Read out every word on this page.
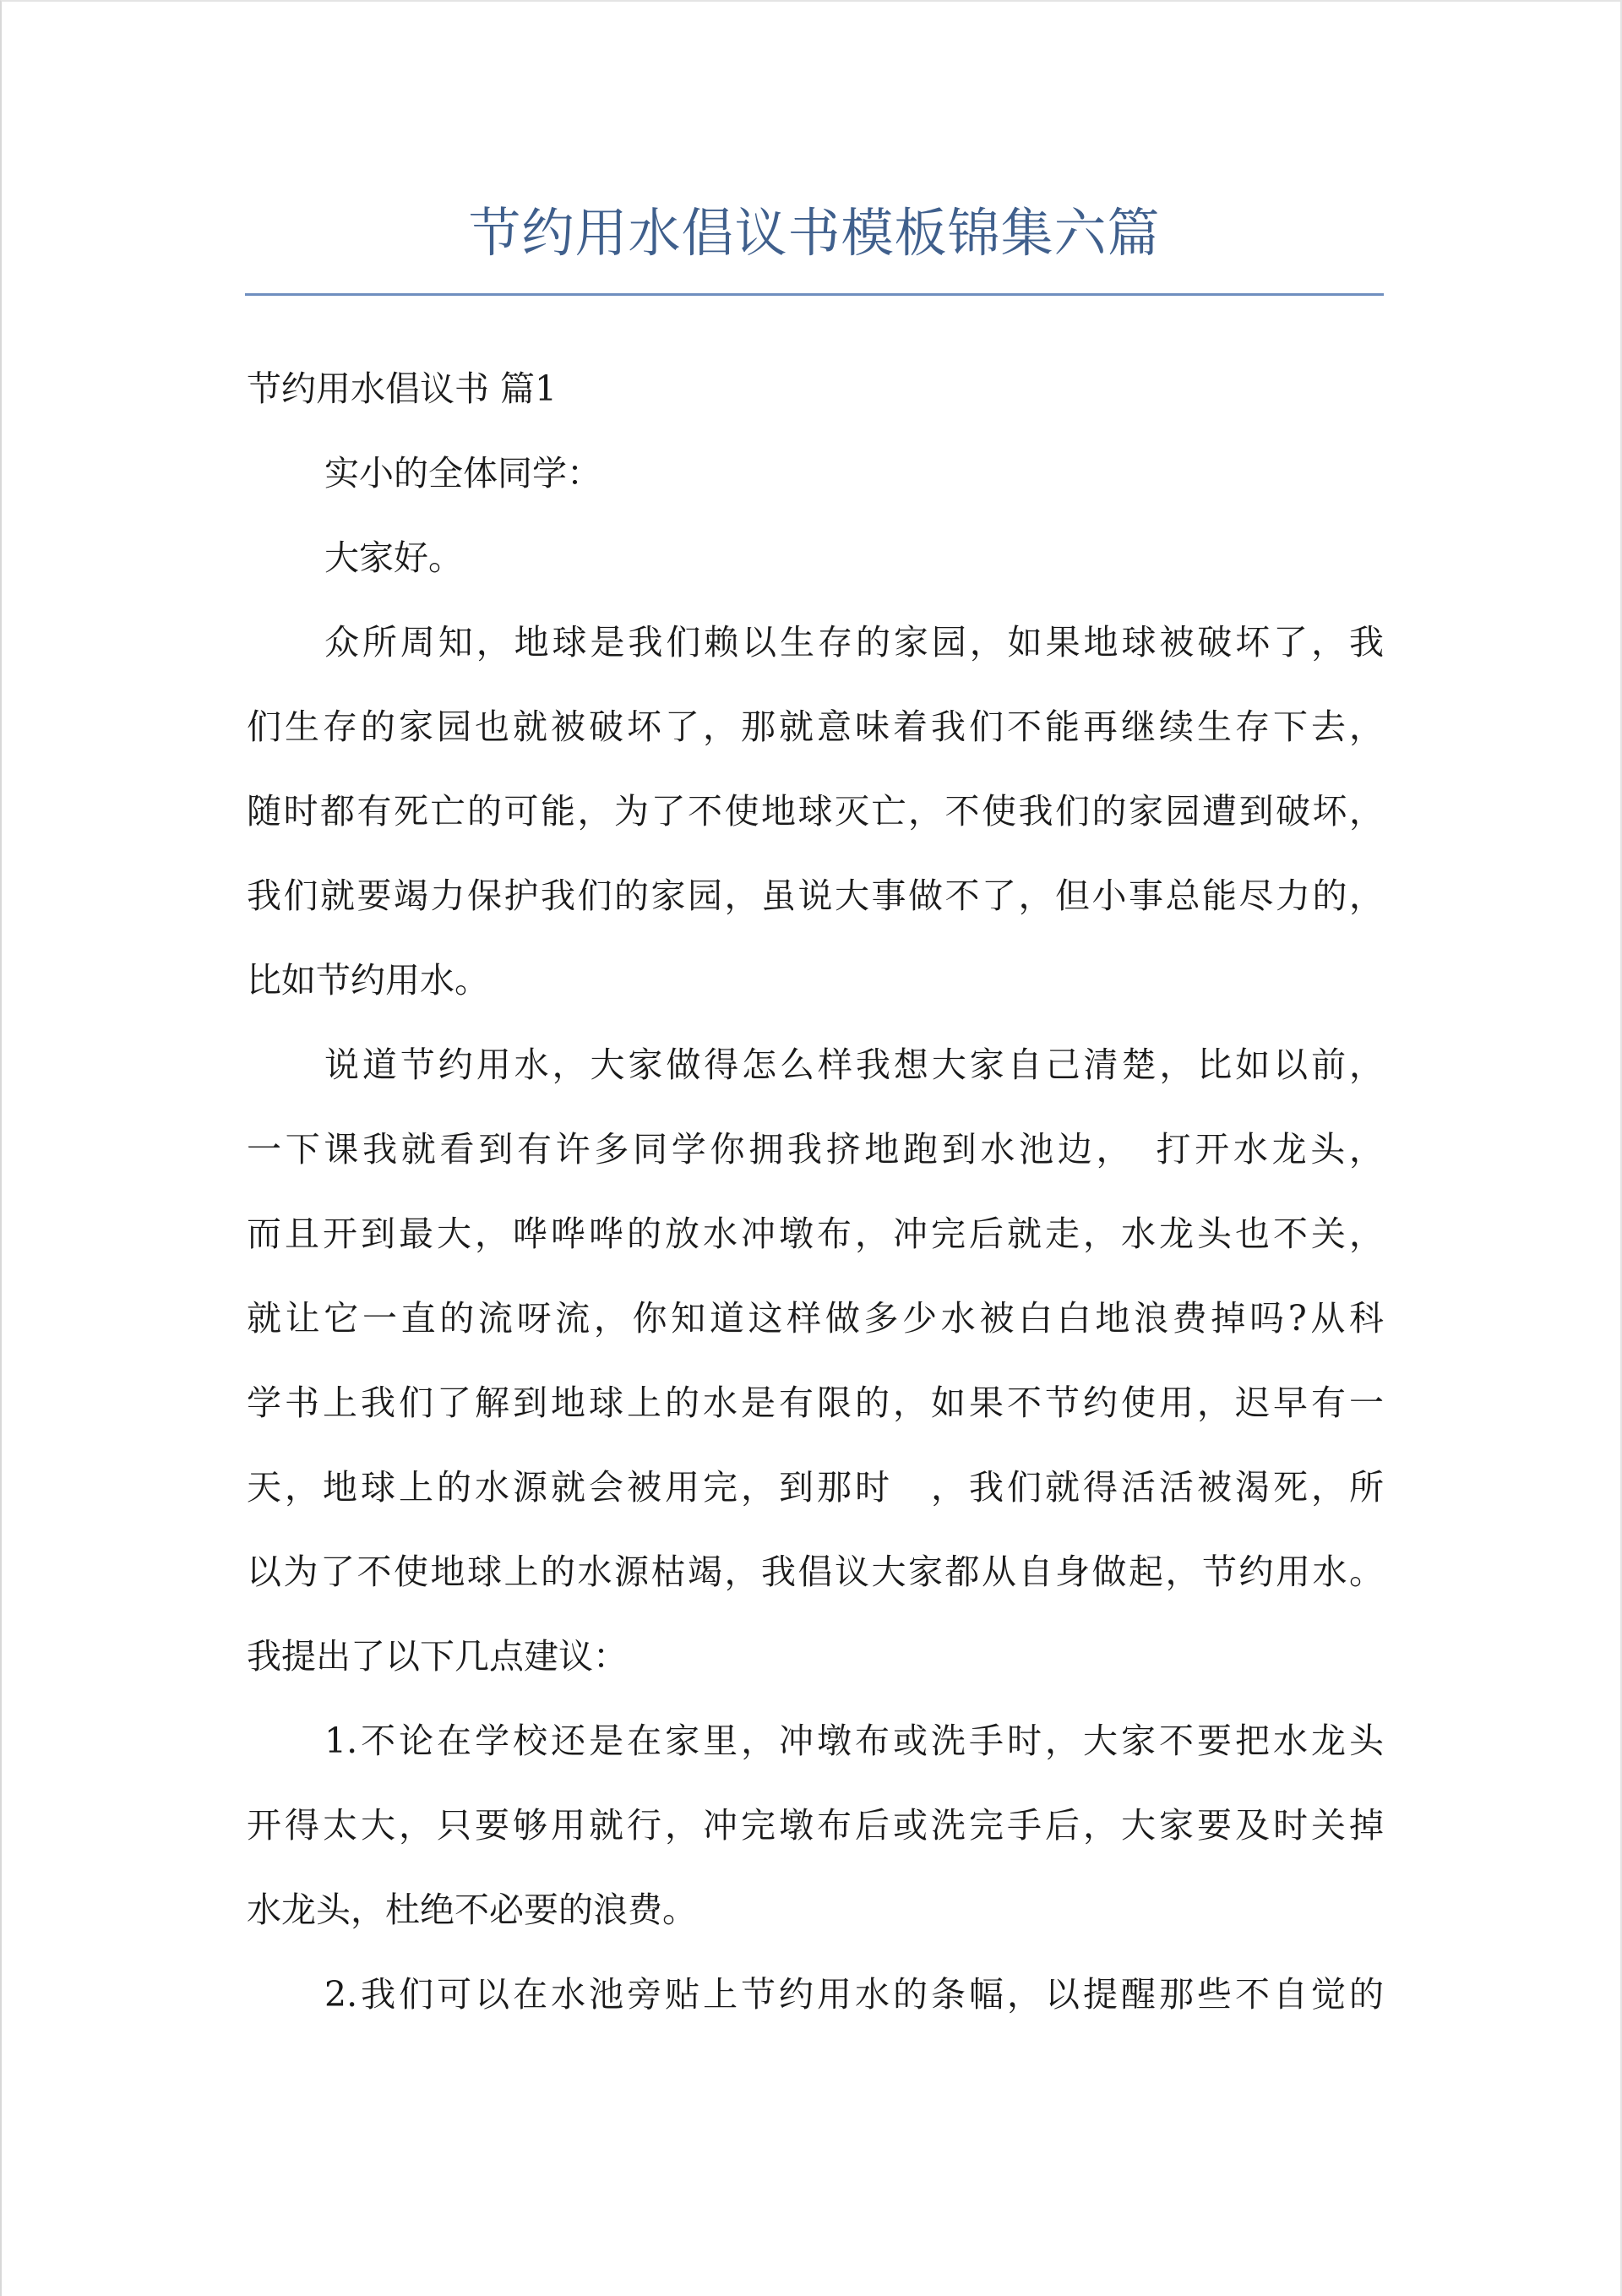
节约用水倡议书模板锦集六篇
节约用水倡议书 篇1
实小的全体同学：
大家好。
众所周知，地球是我们赖以生存的家园，如果地球被破坏了，我
们生存的家园也就被破坏了，那就意味着我们不能再继续生存下去，
随时都有死亡的可能，为了不使地球灭亡，不使我们的家园遭到破坏，
我们就要竭力保护我们的家园，虽说大事做不了，但小事总能尽力的，
比如节约用水。
说道节约用水，大家做得怎么样我想大家自己清楚，比如以前，
一下课我就看到有许多同学你拥我挤地跑到水池边，　打开水龙头，
而且开到最大，哗哗哗的放水冲墩布，冲完后就走，水龙头也不关，
就让它一直的流呀流，你知道这样做多少水被白白地浪费掉吗?从科
学书上我们了解到地球上的水是有限的，如果不节约使用，迟早有一
天，地球上的水源就会被用完，到那时　，我们就得活活被渴死，所
以为了不使地球上的水源枯竭，我倡议大家都从自身做起，节约用水。
我提出了以下几点建议：
1.不论在学校还是在家里，冲墩布或洗手时，大家不要把水龙头
开得太大，只要够用就行，冲完墩布后或洗完手后，大家要及时关掉
水龙头，杜绝不必要的浪费。
2.我们可以在水池旁贴上节约用水的条幅，以提醒那些不自觉的
